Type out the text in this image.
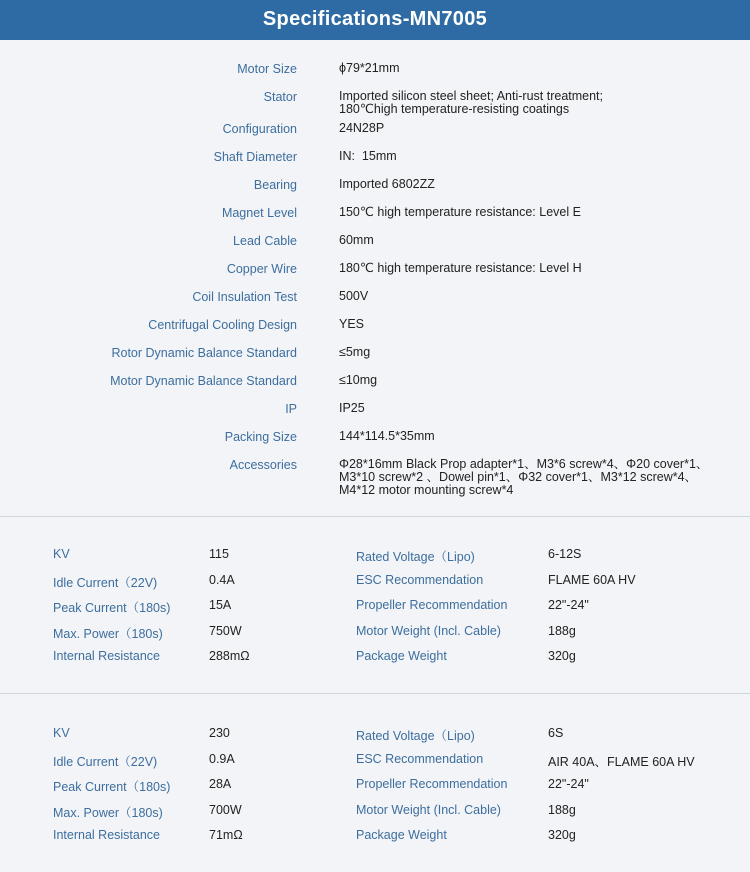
Specifications-MN7005
Motor Size	ϕ79*21mm
Stator	Imported silicon steel sheet; Anti-rust treatment;
180℃high temperature-resisting coatings
Configuration	24N28P
Shaft Diameter	IN:  15mm
Bearing	Imported 6802ZZ
Magnet Level	150℃ high temperature resistance: Level E
Lead Cable	60mm
Copper Wire	180℃ high temperature resistance: Level H
Coil Insulation Test	500V
Centrifugal Cooling Design	YES
Rotor Dynamic Balance Standard	≤5mg
Motor Dynamic Balance Standard	≤10mg
IP	IP25
Packing Size	144*114.5*35mm
Accessories	Φ28*16mm Black Prop adapter*1、M3*6 screw*4、Φ20 cover*1、
M3*10 screw*2 、Dowel pin*1、Φ32 cover*1、M3*12 screw*4、
M4*12 motor mounting screw*4
KV	115	Rated Voltage（Lipo)	6-12S
Idle Current（22V)	0.4A	ESC Recommendation	FLAME 60A HV
Peak Current（180s)	15A	Propeller Recommendation	22"-24"
Max. Power（180s)	750W	Motor Weight (Incl. Cable)	188g
Internal Resistance	288mΩ	Package Weight	320g
KV	230	Rated Voltage（Lipo)	6S
Idle Current（22V)	0.9A	ESC Recommendation	AIR 40A、FLAME 60A HV
Peak Current（180s)	28A	Propeller Recommendation	22"-24"
Max. Power（180s)	700W	Motor Weight (Incl. Cable)	188g
Internal Resistance	71mΩ	Package Weight	320g
